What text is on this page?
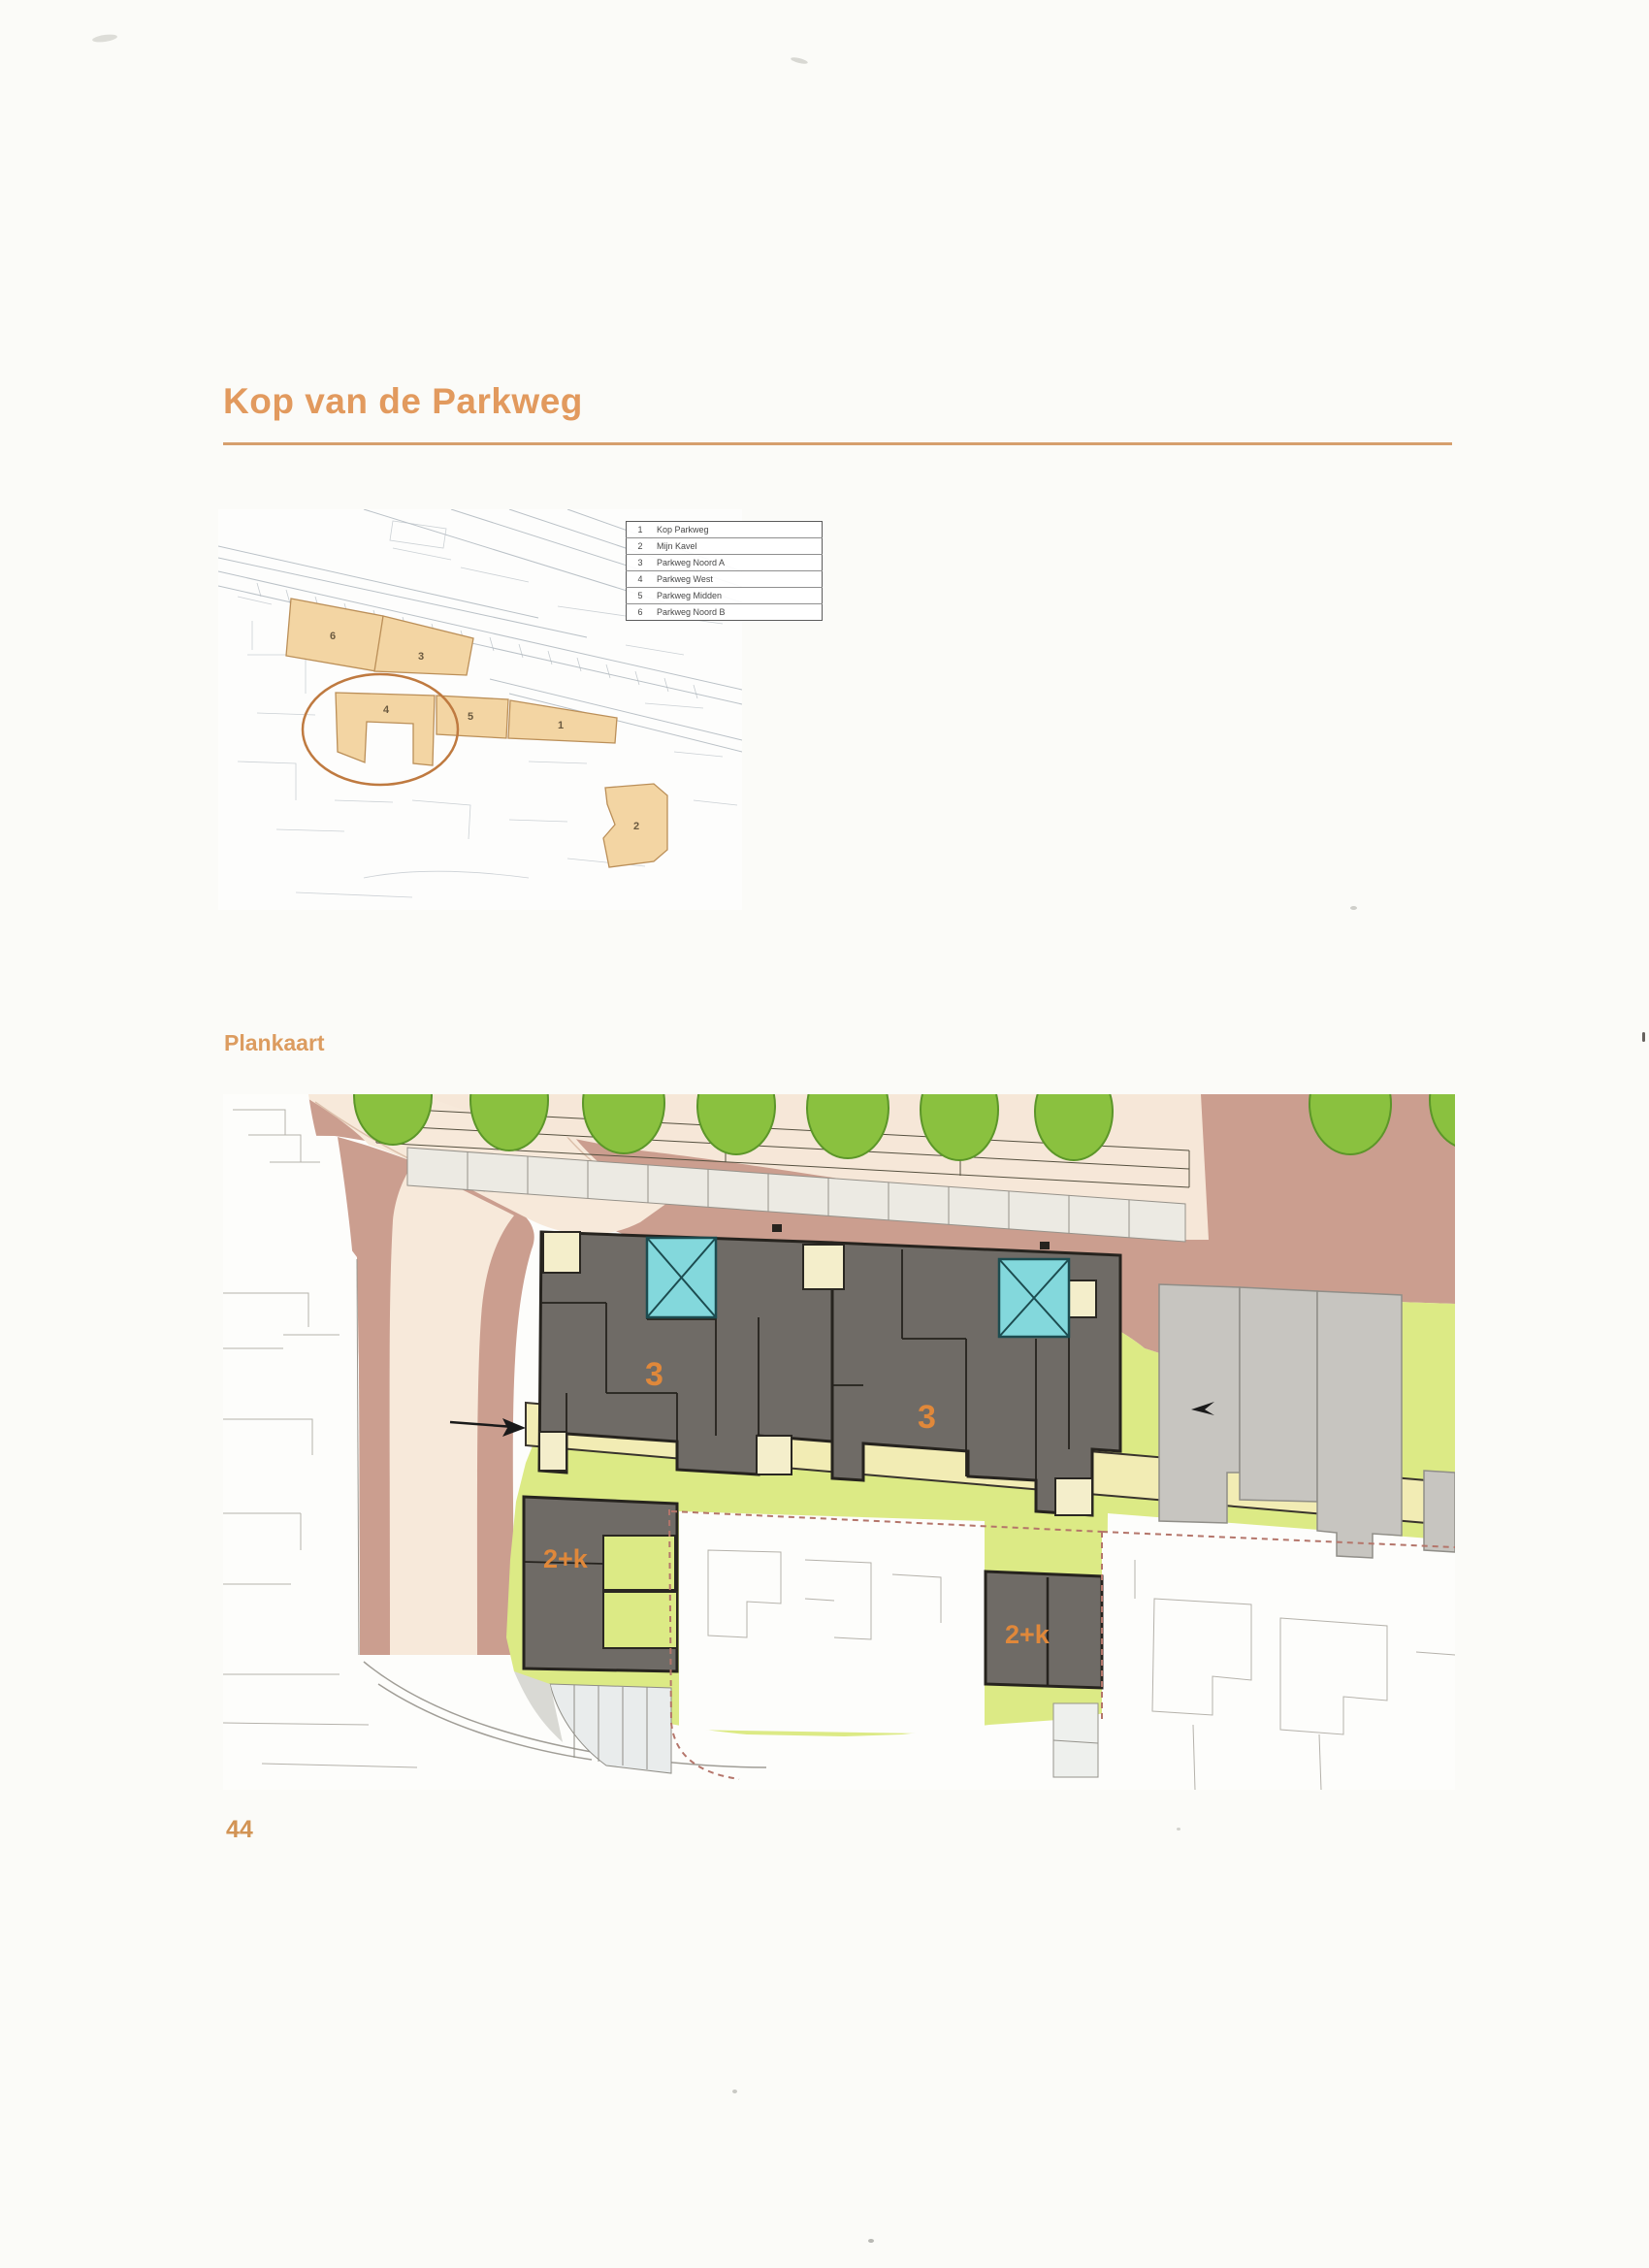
Kop van de Parkweg
6
3
4
5
1
2
1	Kop Parkweg
2	Mijn Kavel
3	Parkweg Noord A
4	Parkweg West
5	Parkweg Midden
6	Parkweg Noord B
Plankaart
3
3
2+k
2+k
44
